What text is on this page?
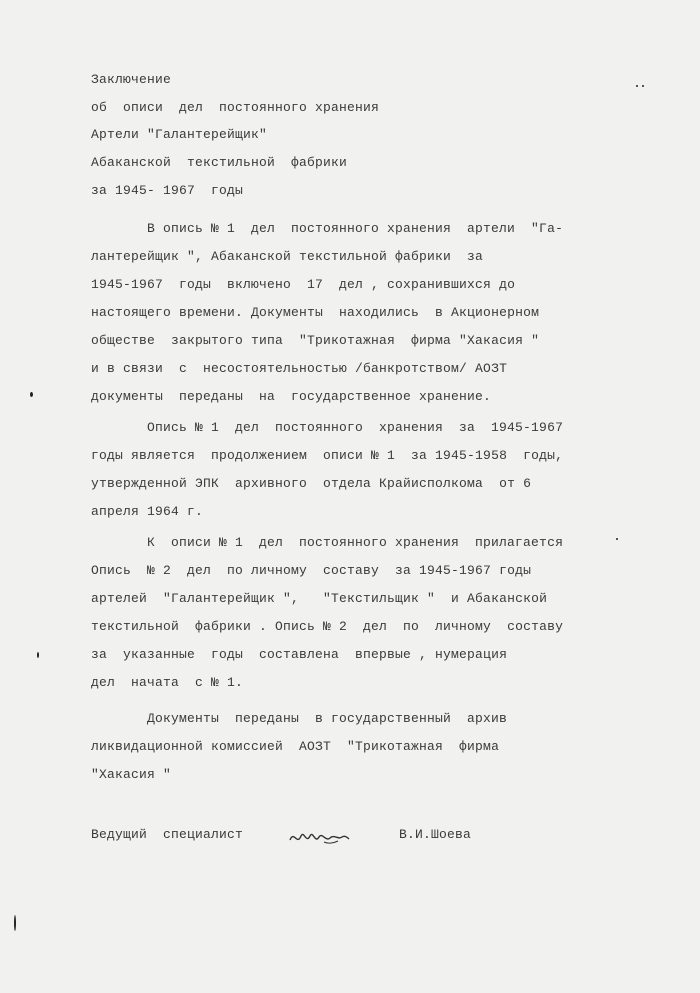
Заключение
об  описи  дел  постоянного хранения
Артели "Галантерейщик"
Абаканской  текстильной  фабрики
за 1945- 1967  годы
В опись № 1  дел  постоянного хранения  артели  "Га-
лантерейщик ", Абаканской текстильной фабрики  за
1945-1967  годы  включено  17  дел , сохранившихся до
настоящего времени. Документы  находились  в Акционерном
обществе  закрытого типа  "Трикотажная  фирма "Хакасия "
и в связи  с  несостоятельностью /банкротством/ АОЗТ
документы  переданы  на  государственное хранение.
Опись № 1  дел  постоянного  хранения  за  1945-1967
годы является  продолжением  описи № 1  за 1945-1958  годы,
утвержденной ЭПК  архивного  отдела Крайисполкома  от 6
апреля 1964 г.
К  описи № 1  дел  постоянного хранения  прилагается
Опись  № 2  дел  по личному  составу  за 1945-1967 годы
артелей  "Галантерейщик ",   "Текстильщик "  и Абаканской
текстильной  фабрики . Опись № 2  дел  по  личному  составу
за  указанные  годы  составлена  впервые , нумерация
дел  начата  с № 1.
Документы  переданы  в государственный  архив
ликвидационной комиссией  АОЗТ  "Трикотажная  фирма
"Хакасия "
Ведущий  специалист	В.И.Шоева
